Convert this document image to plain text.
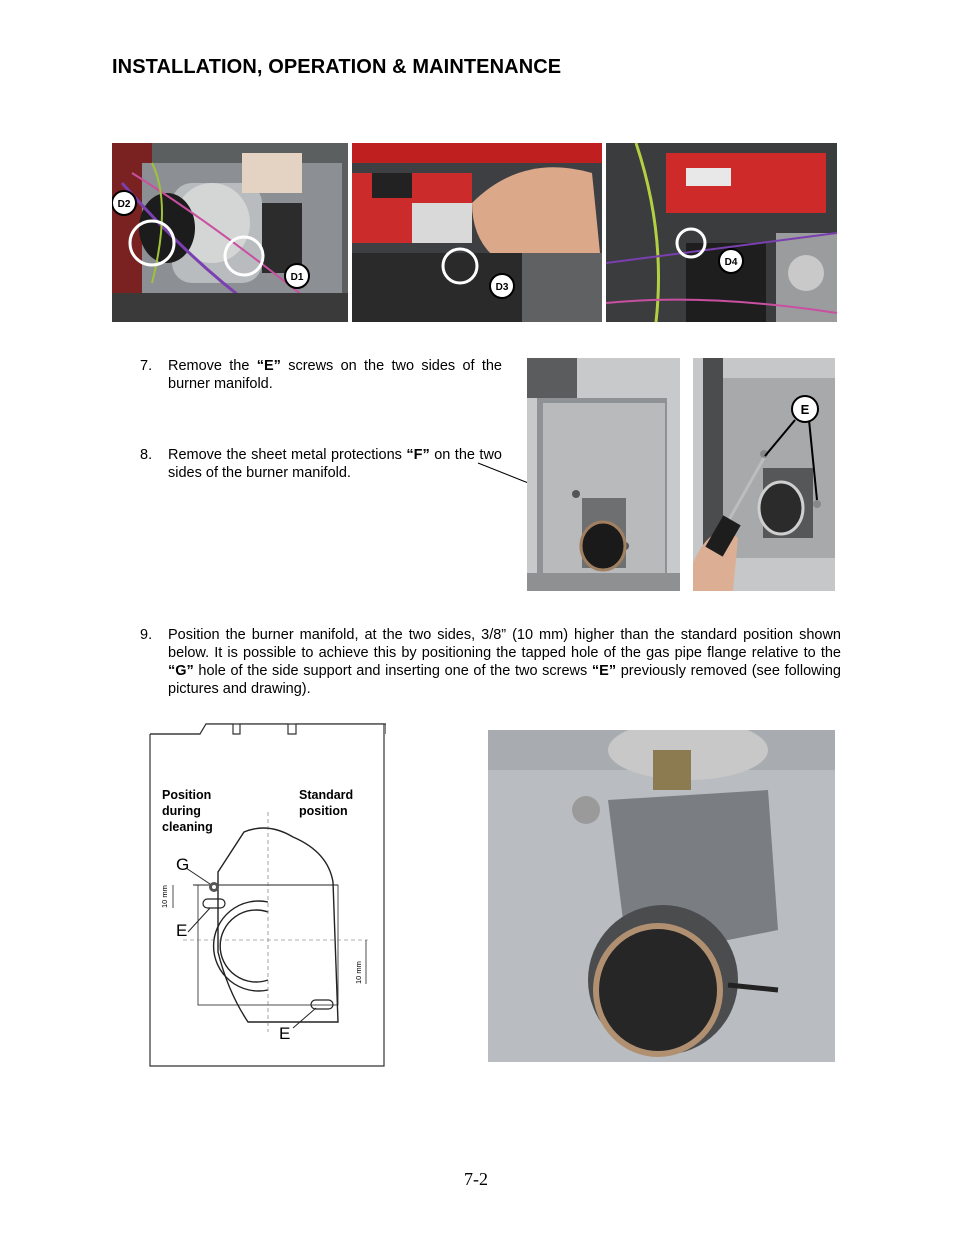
INSTALLATION, OPERATION & MAINTENANCE
D2
D1
D3
D4
7. Remove the “E” screws on the two sides of the burner manifold.
8. Remove the sheet metal protections “F” on the two sides of the burner manifold.
E
9. Position the burner manifold, at the two sides, 3/8” (10 mm) higher than the standard position shown below. It is possible to achieve this by positioning the tapped hole of the gas pipe flange relative to the “G” hole of the side support and inserting one of the two screws “E” previously removed (see following pictures and drawing).
Position
during
cleaning
Standard
position
G
E
E
10 mm
10 mm
7-2
